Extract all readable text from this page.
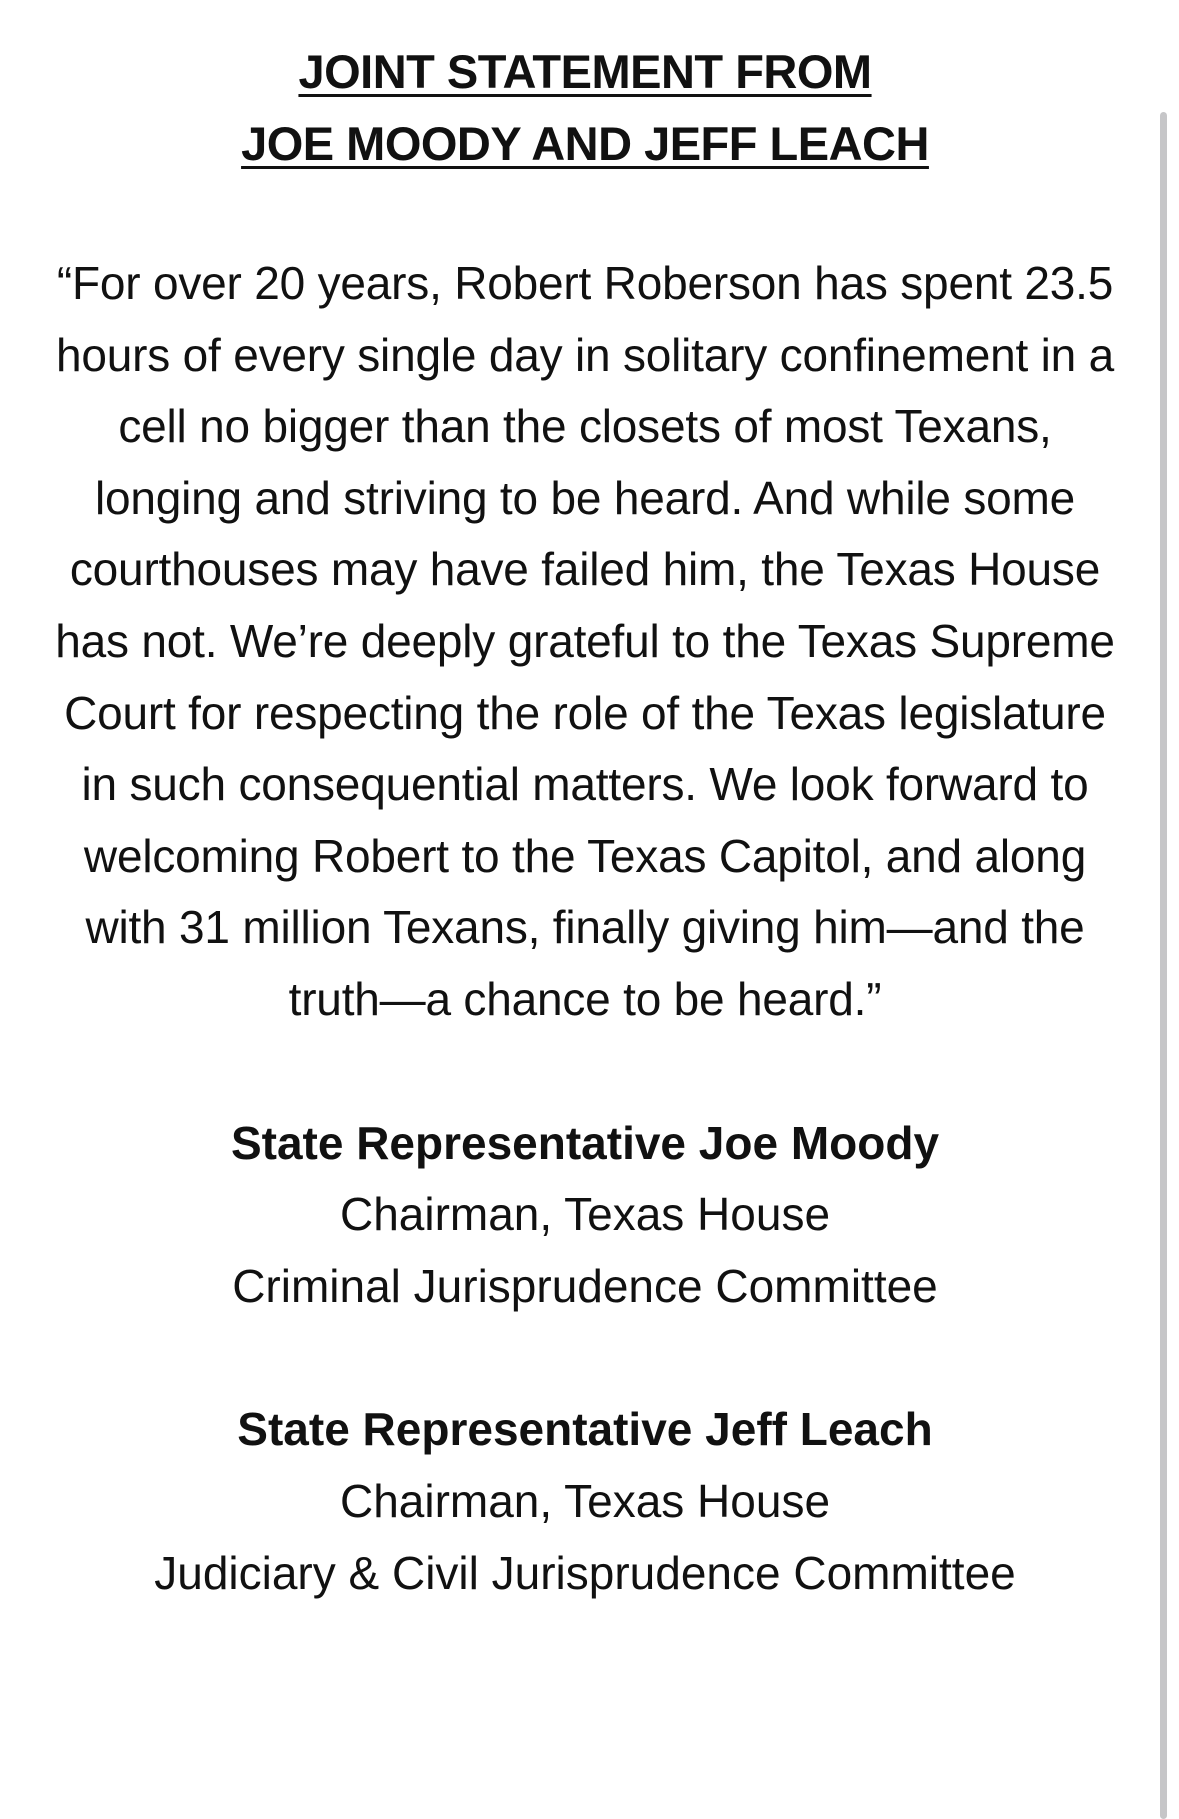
JOINT STATEMENT FROM
JOE MOODY AND JEFF LEACH

“For over 20 years, Robert Roberson has spent 23.5 hours of every single day in solitary confinement in a cell no bigger than the closets of most Texans, longing and striving to be heard. And while some courthouses may have failed him, the Texas House has not. We’re deeply grateful to the Texas Supreme Court for respecting the role of the Texas legislature in such consequential matters. We look forward to welcoming Robert to the Texas Capitol, and along with 31 million Texans, finally giving him—and the truth—a chance to be heard.”

State Representative Joe Moody
Chairman, Texas House
Criminal Jurisprudence Committee
State Representative Jeff Leach
Chairman, Texas House
Judiciary & Civil Jurisprudence Committee
